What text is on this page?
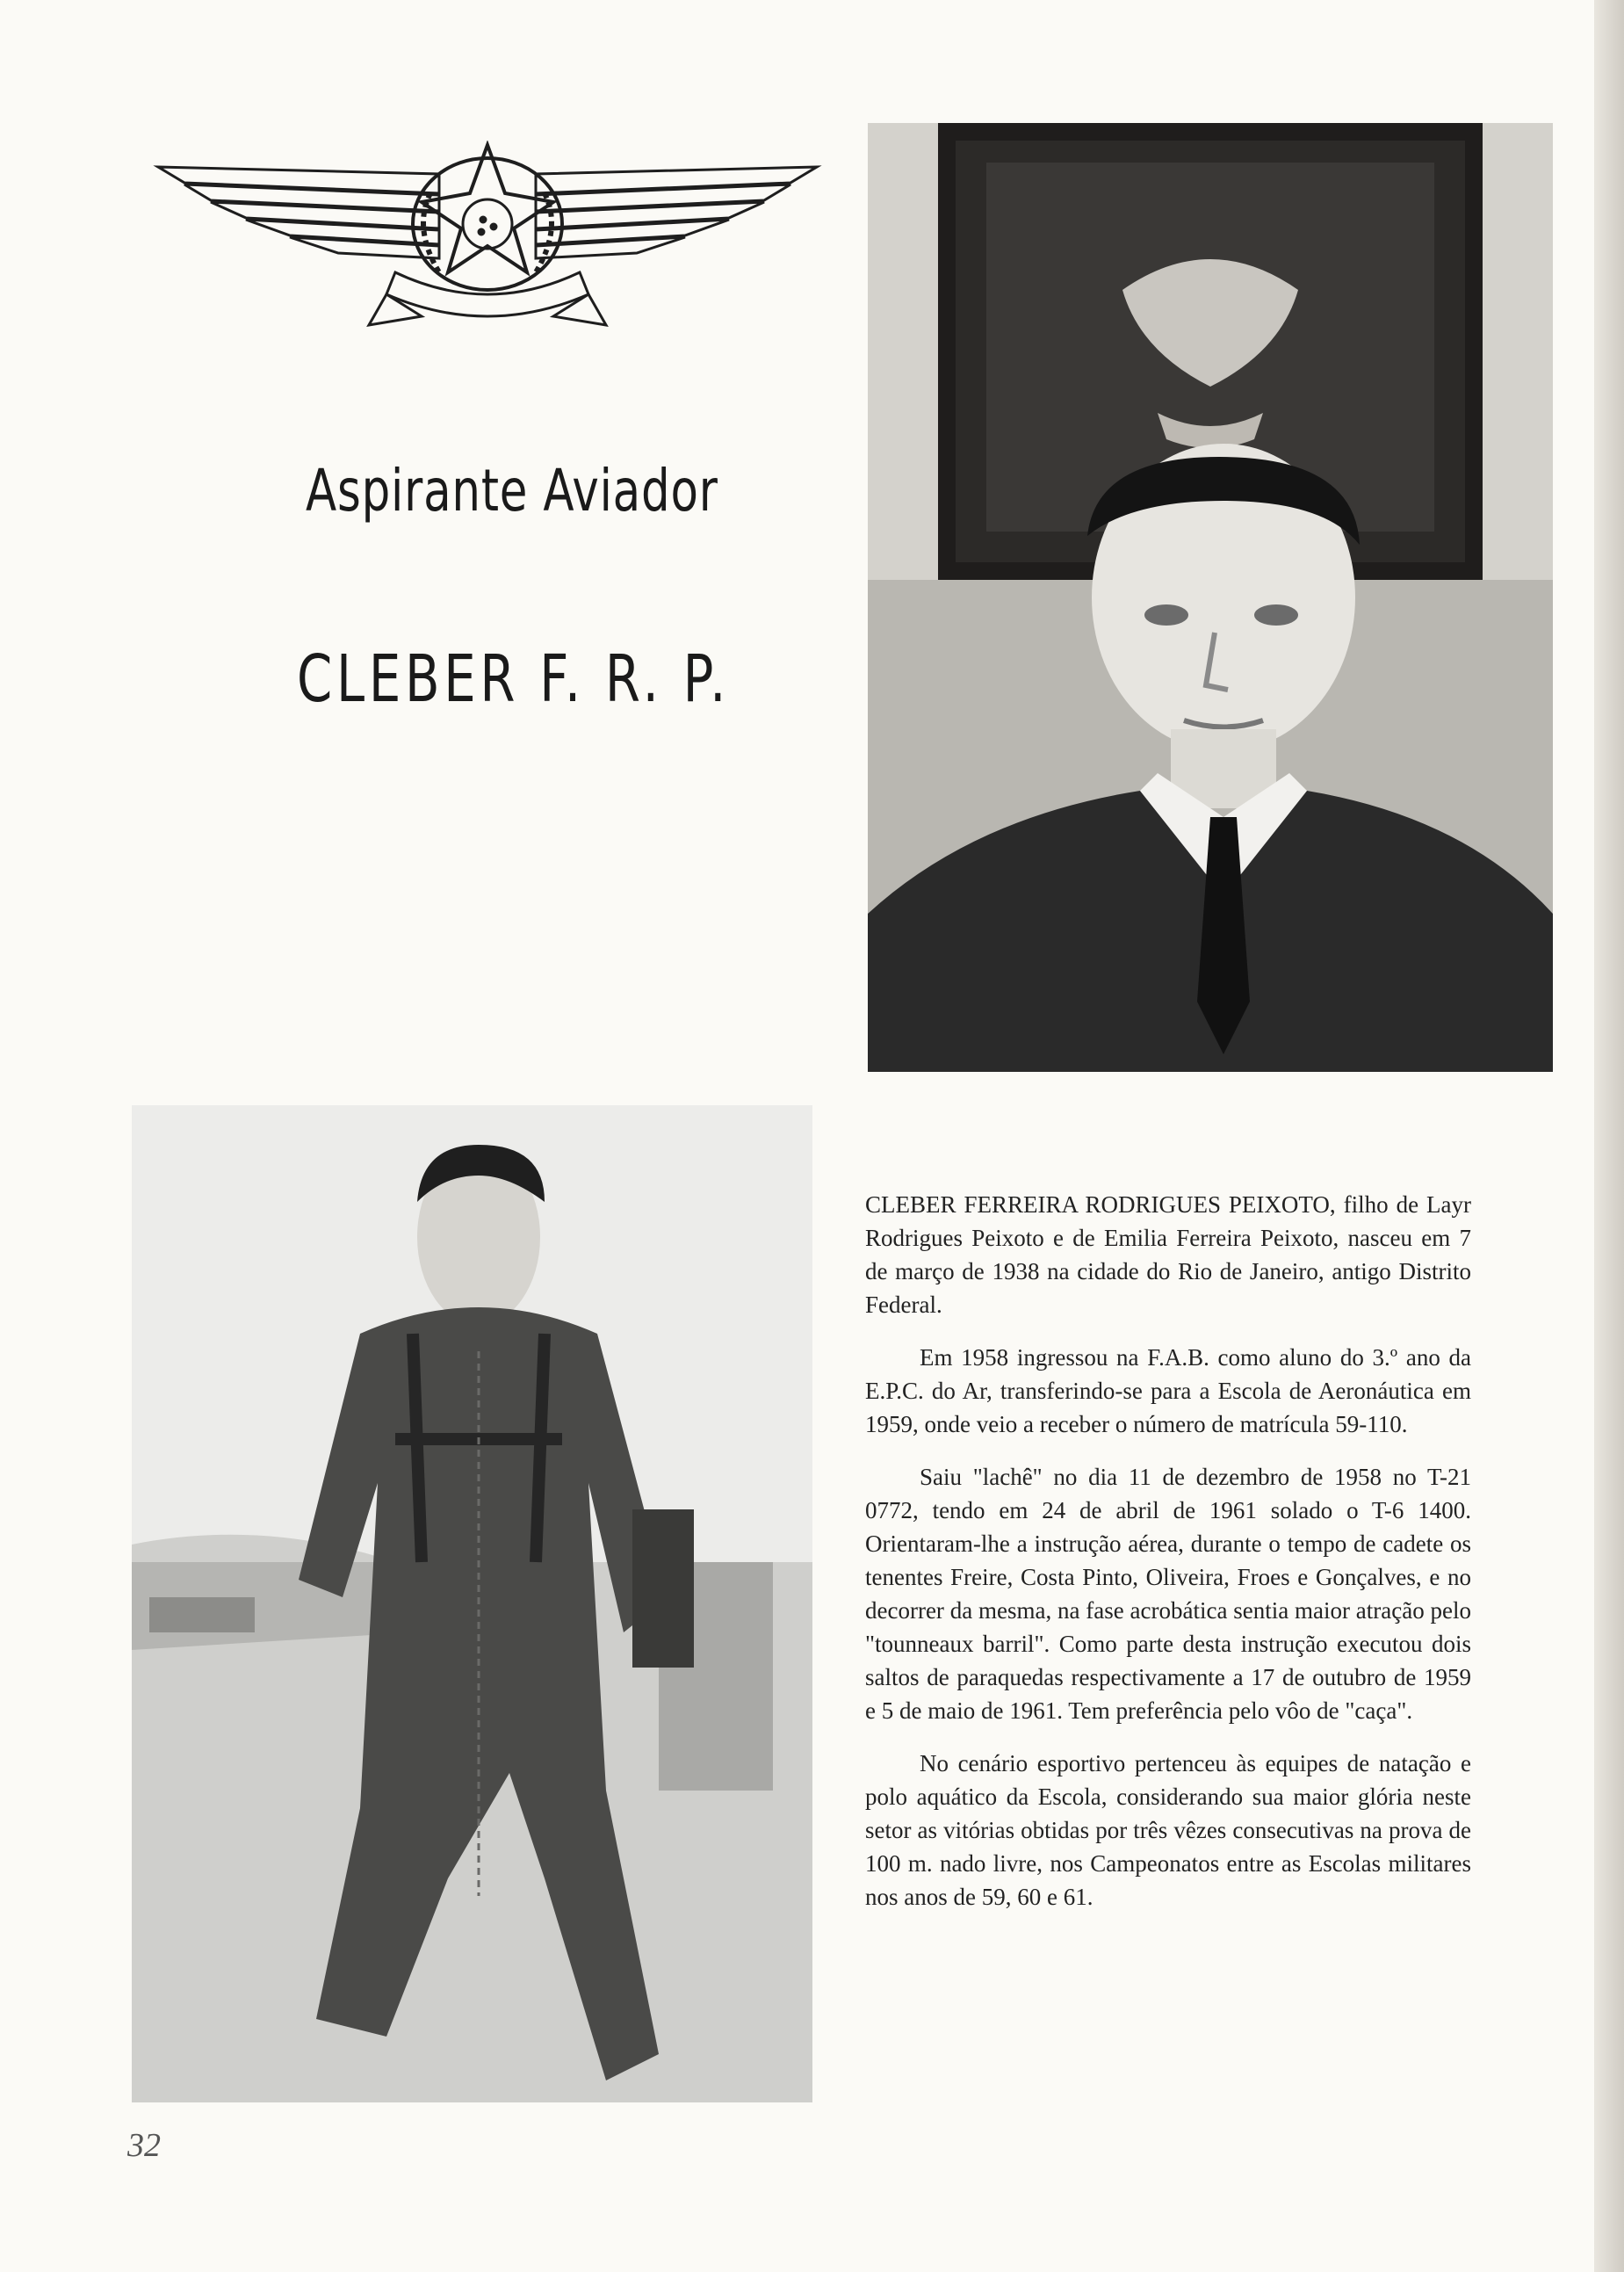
Aspirante Aviador
CLEBER F. R. P.

CLEBER FERREIRA RODRIGUES PEIXOTO, filho de Layr Rodrigues Peixoto e de Emilia Ferreira Peixoto, nasceu em 7 de março de 1938 na cidade do Rio de Janeiro, antigo Distrito Federal.

Em 1958 ingressou na F.A.B. como aluno do 3.º ano da E.P.C. do Ar, transferindo-se para a Escola de Aeronáutica em 1959, onde veio a receber o número de matrícula 59-110.

Saiu "lachê" no dia 11 de dezembro de 1958 no T-21 0772, tendo em 24 de abril de 1961 solado o T-6 1400. Orientaram-lhe a instrução aérea, durante o tempo de cadete os tenentes Freire, Costa Pinto, Oliveira, Froes e Gonçalves, e no decorrer da mesma, na fase acrobática sentia maior atração pelo "tounneaux barril". Como parte desta instrução executou dois saltos de paraquedas respectivamente a 17 de outubro de 1959 e 5 de maio de 1961. Tem preferência pelo vôo de "caça".

No cenário esportivo pertenceu às equipes de natação e polo aquático da Escola, considerando sua maior glória neste setor as vitórias obtidas por três vêzes consecutivas na prova de 100 m. nado livre, nos Campeonatos entre as Escolas militares nos anos de 59, 60 e 61.

32
